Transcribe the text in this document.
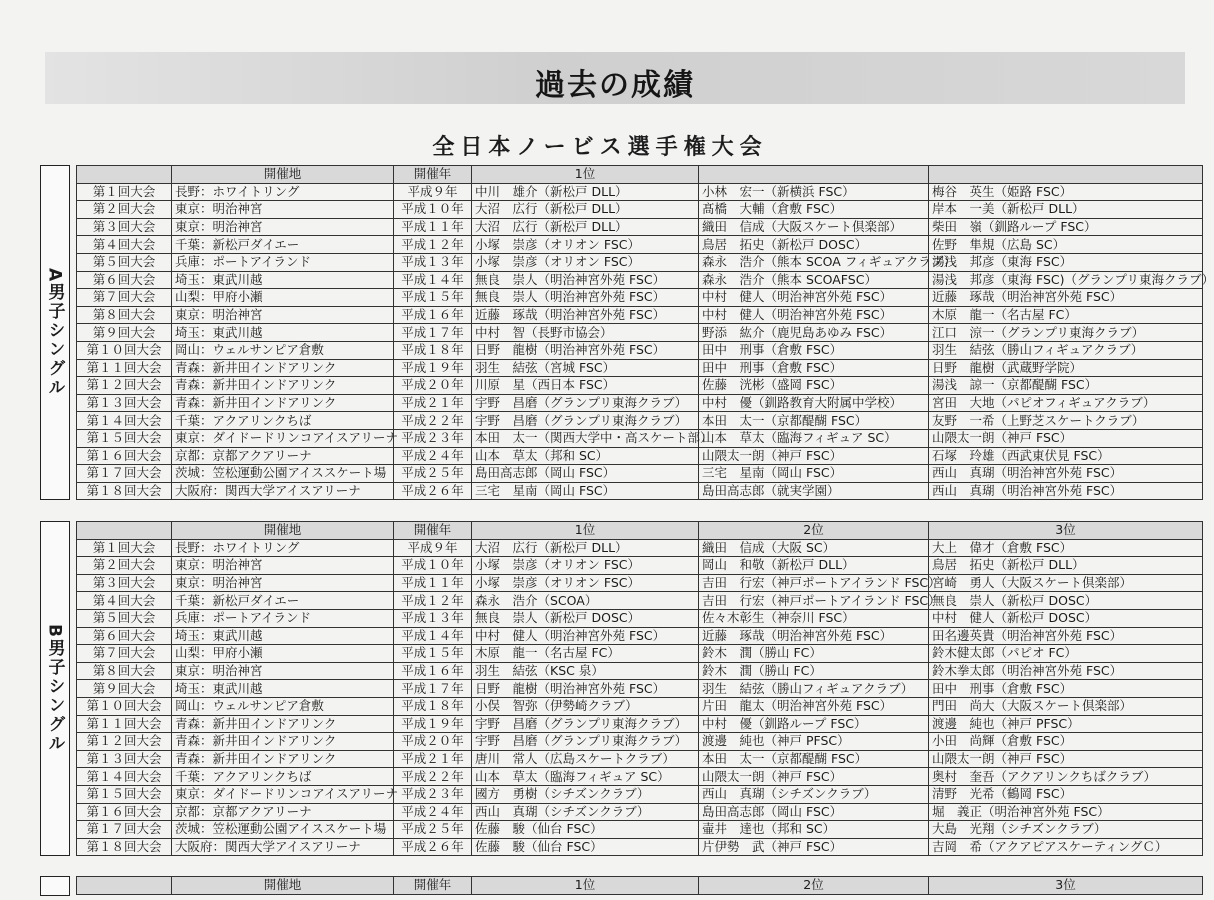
過去の成績
全日本ノービス選手権大会
A男子シングル
	開催地	開催年	1位		
第１回大会	長野：ホワイトリング	平成９年	中川　雄介（新松戸 DLL）	小林　宏一（新横浜 FSC）	梅谷　英生（姫路 FSC）
第２回大会	東京：明治神宮	平成１０年	大沼　広行（新松戸 DLL）	髙橋　大輔（倉敷 FSC）	岸本　一美（新松戸 DLL）
第３回大会	東京：明治神宮	平成１１年	大沼　広行（新松戸 DLL）	織田　信成（大阪スケート倶楽部）	柴田　嶺（釧路ループ FSC）
第４回大会	千葉：新松戸ダイエー	平成１２年	小塚　崇彦（オリオン FSC）	鳥居　拓史（新松戸 DOSC）	佐野　隼規（広島 SC）
第５回大会	兵庫：ポートアイランド	平成１３年	小塚　崇彦（オリオン FSC）	森永　浩介（熊本 SCOA フィギュアクラブ）	湯浅　邦彦（東海 FSC）
第６回大会	埼玉：東武川越	平成１４年	無良　崇人（明治神宮外苑 FSC）	森永　浩介（熊本 SCOAFSC）	湯浅　邦彦（東海 FSC)（グランプリ東海クラブ）
第７回大会	山梨：甲府小瀬	平成１５年	無良　崇人（明治神宮外苑 FSC）	中村　健人（明治神宮外苑 FSC）	近藤　琢哉（明治神宮外苑 FSC）
第８回大会	東京：明治神宮	平成１６年	近藤　琢哉（明治神宮外苑 FSC）	中村　健人（明治神宮外苑 FSC）	木原　龍一（名古屋 FC）
第９回大会	埼玉：東武川越	平成１７年	中村　智（長野市協会）	野添　紘介（鹿児島あゆみ FSC）	江口　涼一（グランプリ東海クラブ）
第１０回大会	岡山：ウェルサンピア倉敷	平成１８年	日野　龍樹（明治神宮外苑 FSC）	田中　刑事（倉敷 FSC）	羽生　結弦（勝山フィギュアクラブ）
第１１回大会	青森：新井田インドアリンク	平成１９年	羽生　結弦（宮城 FSC）	田中　刑事（倉敷 FSC）	日野　龍樹（武蔵野学院）
第１２回大会	青森：新井田インドアリンク	平成２０年	川原　星（西日本 FSC）	佐藤　洸彬（盛岡 FSC）	湯浅　諒一（京都醍醐 FSC）
第１３回大会	青森：新井田インドアリンク	平成２１年	宇野　昌磨（グランプリ東海クラブ）	中村　優（釧路教育大附属中学校）	宮田　大地（パピオフィギュアクラブ）
第１４回大会	千葉：アクアリンクちば	平成２２年	宇野　昌磨（グランプリ東海クラブ）	本田　太一（京都醍醐 FSC）	友野　一希（上野芝スケートクラブ）
第１５回大会	東京：ダイドードリンコアイスアリーナ	平成２３年	本田　太一（関西大学中・高スケート部）	山本　草太（臨海フィギュア SC）	山隈太一朗（神戸 FSC）
第１６回大会	京都：京都アクアリーナ	平成２４年	山本　草太（邦和 SC）	山隈太一朗（神戸 FSC）	石塚　玲雄（西武東伏見 FSC）
第１７回大会	茨城：笠松運動公園アイススケート場	平成２５年	島田高志郎（岡山 FSC）	三宅　星南（岡山 FSC）	西山　真瑚（明治神宮外苑 FSC）
第１８回大会	大阪府：関西大学アイスアリーナ	平成２６年	三宅　星南（岡山 FSC）	島田高志郎（就実学園）	西山　真瑚（明治神宮外苑 FSC）
B男子シングル
	開催地	開催年	1位	2位	3位
第１回大会	長野：ホワイトリング	平成９年	大沼　広行（新松戸 DLL）	織田　信成（大阪 SC）	大上　偉才（倉敷 FSC）
第２回大会	東京：明治神宮	平成１０年	小塚　崇彦（オリオン FSC）	岡山　和敬（新松戸 DLL）	鳥居　拓史（新松戸 DLL）
第３回大会	東京：明治神宮	平成１１年	小塚　崇彦（オリオン FSC）	吉田　行宏（神戸ポートアイランド FSC）	宮崎　勇人（大阪スケート倶楽部）
第４回大会	千葉：新松戸ダイエー	平成１２年	森永　浩介（SCOA）	吉田　行宏（神戸ポートアイランド FSC）	無良　崇人（新松戸 DOSC）
第５回大会	兵庫：ポートアイランド	平成１３年	無良　崇人（新松戸 DOSC）	佐々木彰生（神奈川 FSC）	中村　健人（新松戸 DOSC）
第６回大会	埼玉：東武川越	平成１４年	中村　健人（明治神宮外苑 FSC）	近藤　琢哉（明治神宮外苑 FSC）	田名邊英貴（明治神宮外苑 FSC）
第７回大会	山梨：甲府小瀬	平成１５年	木原　龍一（名古屋 FC）	鈴木　潤（勝山 FC）	鈴木健太郎（パピオ FC）
第８回大会	東京：明治神宮	平成１６年	羽生　結弦（KSC 泉）	鈴木　潤（勝山 FC）	鈴木拳太郎（明治神宮外苑 FSC）
第９回大会	埼玉：東武川越	平成１７年	日野　龍樹（明治神宮外苑 FSC）	羽生　結弦（勝山フィギュアクラブ）	田中　刑事（倉敷 FSC）
第１０回大会	岡山：ウェルサンピア倉敷	平成１８年	小俣　智弥（伊勢崎クラブ）	片田　龍太（明治神宮外苑 FSC）	門田　尚大（大阪スケート倶楽部）
第１１回大会	青森：新井田インドアリンク	平成１９年	宇野　昌磨（グランプリ東海クラブ）	中村　優（釧路ループ FSC）	渡邊　純也（神戸 PFSC）
第１２回大会	青森：新井田インドアリンク	平成２０年	宇野　昌磨（グランプリ東海クラブ）	渡邊　純也（神戸 PFSC）	小田　尚輝（倉敷 FSC）
第１３回大会	青森：新井田インドアリンク	平成２１年	唐川　常人（広島スケートクラブ）	本田　太一（京都醍醐 FSC）	山隈太一朗（神戸 FSC）
第１４回大会	千葉：アクアリンクちば	平成２２年	山本　草太（臨海フィギュア SC）	山隈太一朗（神戸 FSC）	奥村　奎吾（アクアリンクちばクラブ）
第１５回大会	東京：ダイドードリンコアイスアリーナ	平成２３年	國方　勇樹（シチズンクラブ）	西山　真瑚（シチズンクラブ）	清野　光希（鶴岡 FSC）
第１６回大会	京都：京都アクアリーナ	平成２４年	西山　真瑚（シチズンクラブ）	島田高志郎（岡山 FSC）	堀　義正（明治神宮外苑 FSC）
第１７回大会	茨城：笠松運動公園アイススケート場	平成２５年	佐藤　駿（仙台 FSC）	壷井　達也（邦和 SC）	大島　光翔（シチズンクラブ）
第１８回大会	大阪府：関西大学アイスアリーナ	平成２６年	佐藤　駿（仙台 FSC）	片伊勢　武（神戸 FSC）	吉岡　希（アクアピアスケーティングＣ）
	開催地	開催年	1位	2位	3位
